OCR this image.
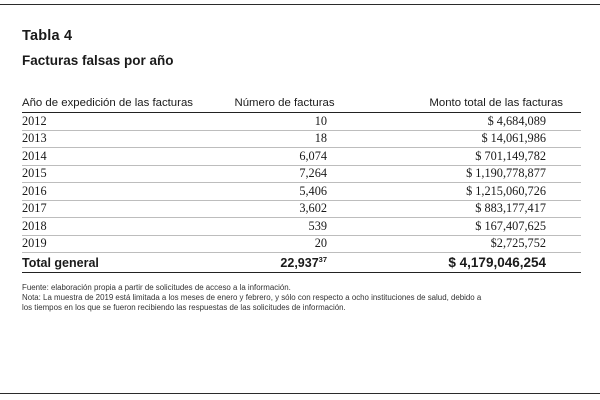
Tabla 4
Facturas falsas por año
Año de expedición de las facturas	Número de facturas	Monto total de las facturas
2012	10	$ 4,684,089
2013	18	$ 14,061,986
2014	6,074	$ 701,149,782
2015	7,264	$ 1,190,778,877
2016	5,406	$ 1,215,060,726
2017	3,602	$ 883,177,417
2018	539	$ 167,407,625
2019	20	$2,725,752
Total general	22,937$^{37}$	$ 4,179,046,254
Fuente: elaboración propia a partir de solicitudes de acceso a la información.
Nota: La muestra de 2019 está limitada a los meses de enero y febrero, y sólo con respecto a ocho instituciones de salud, debido a
los tiempos en los que se fueron recibiendo las respuestas de las solicitudes de información.
